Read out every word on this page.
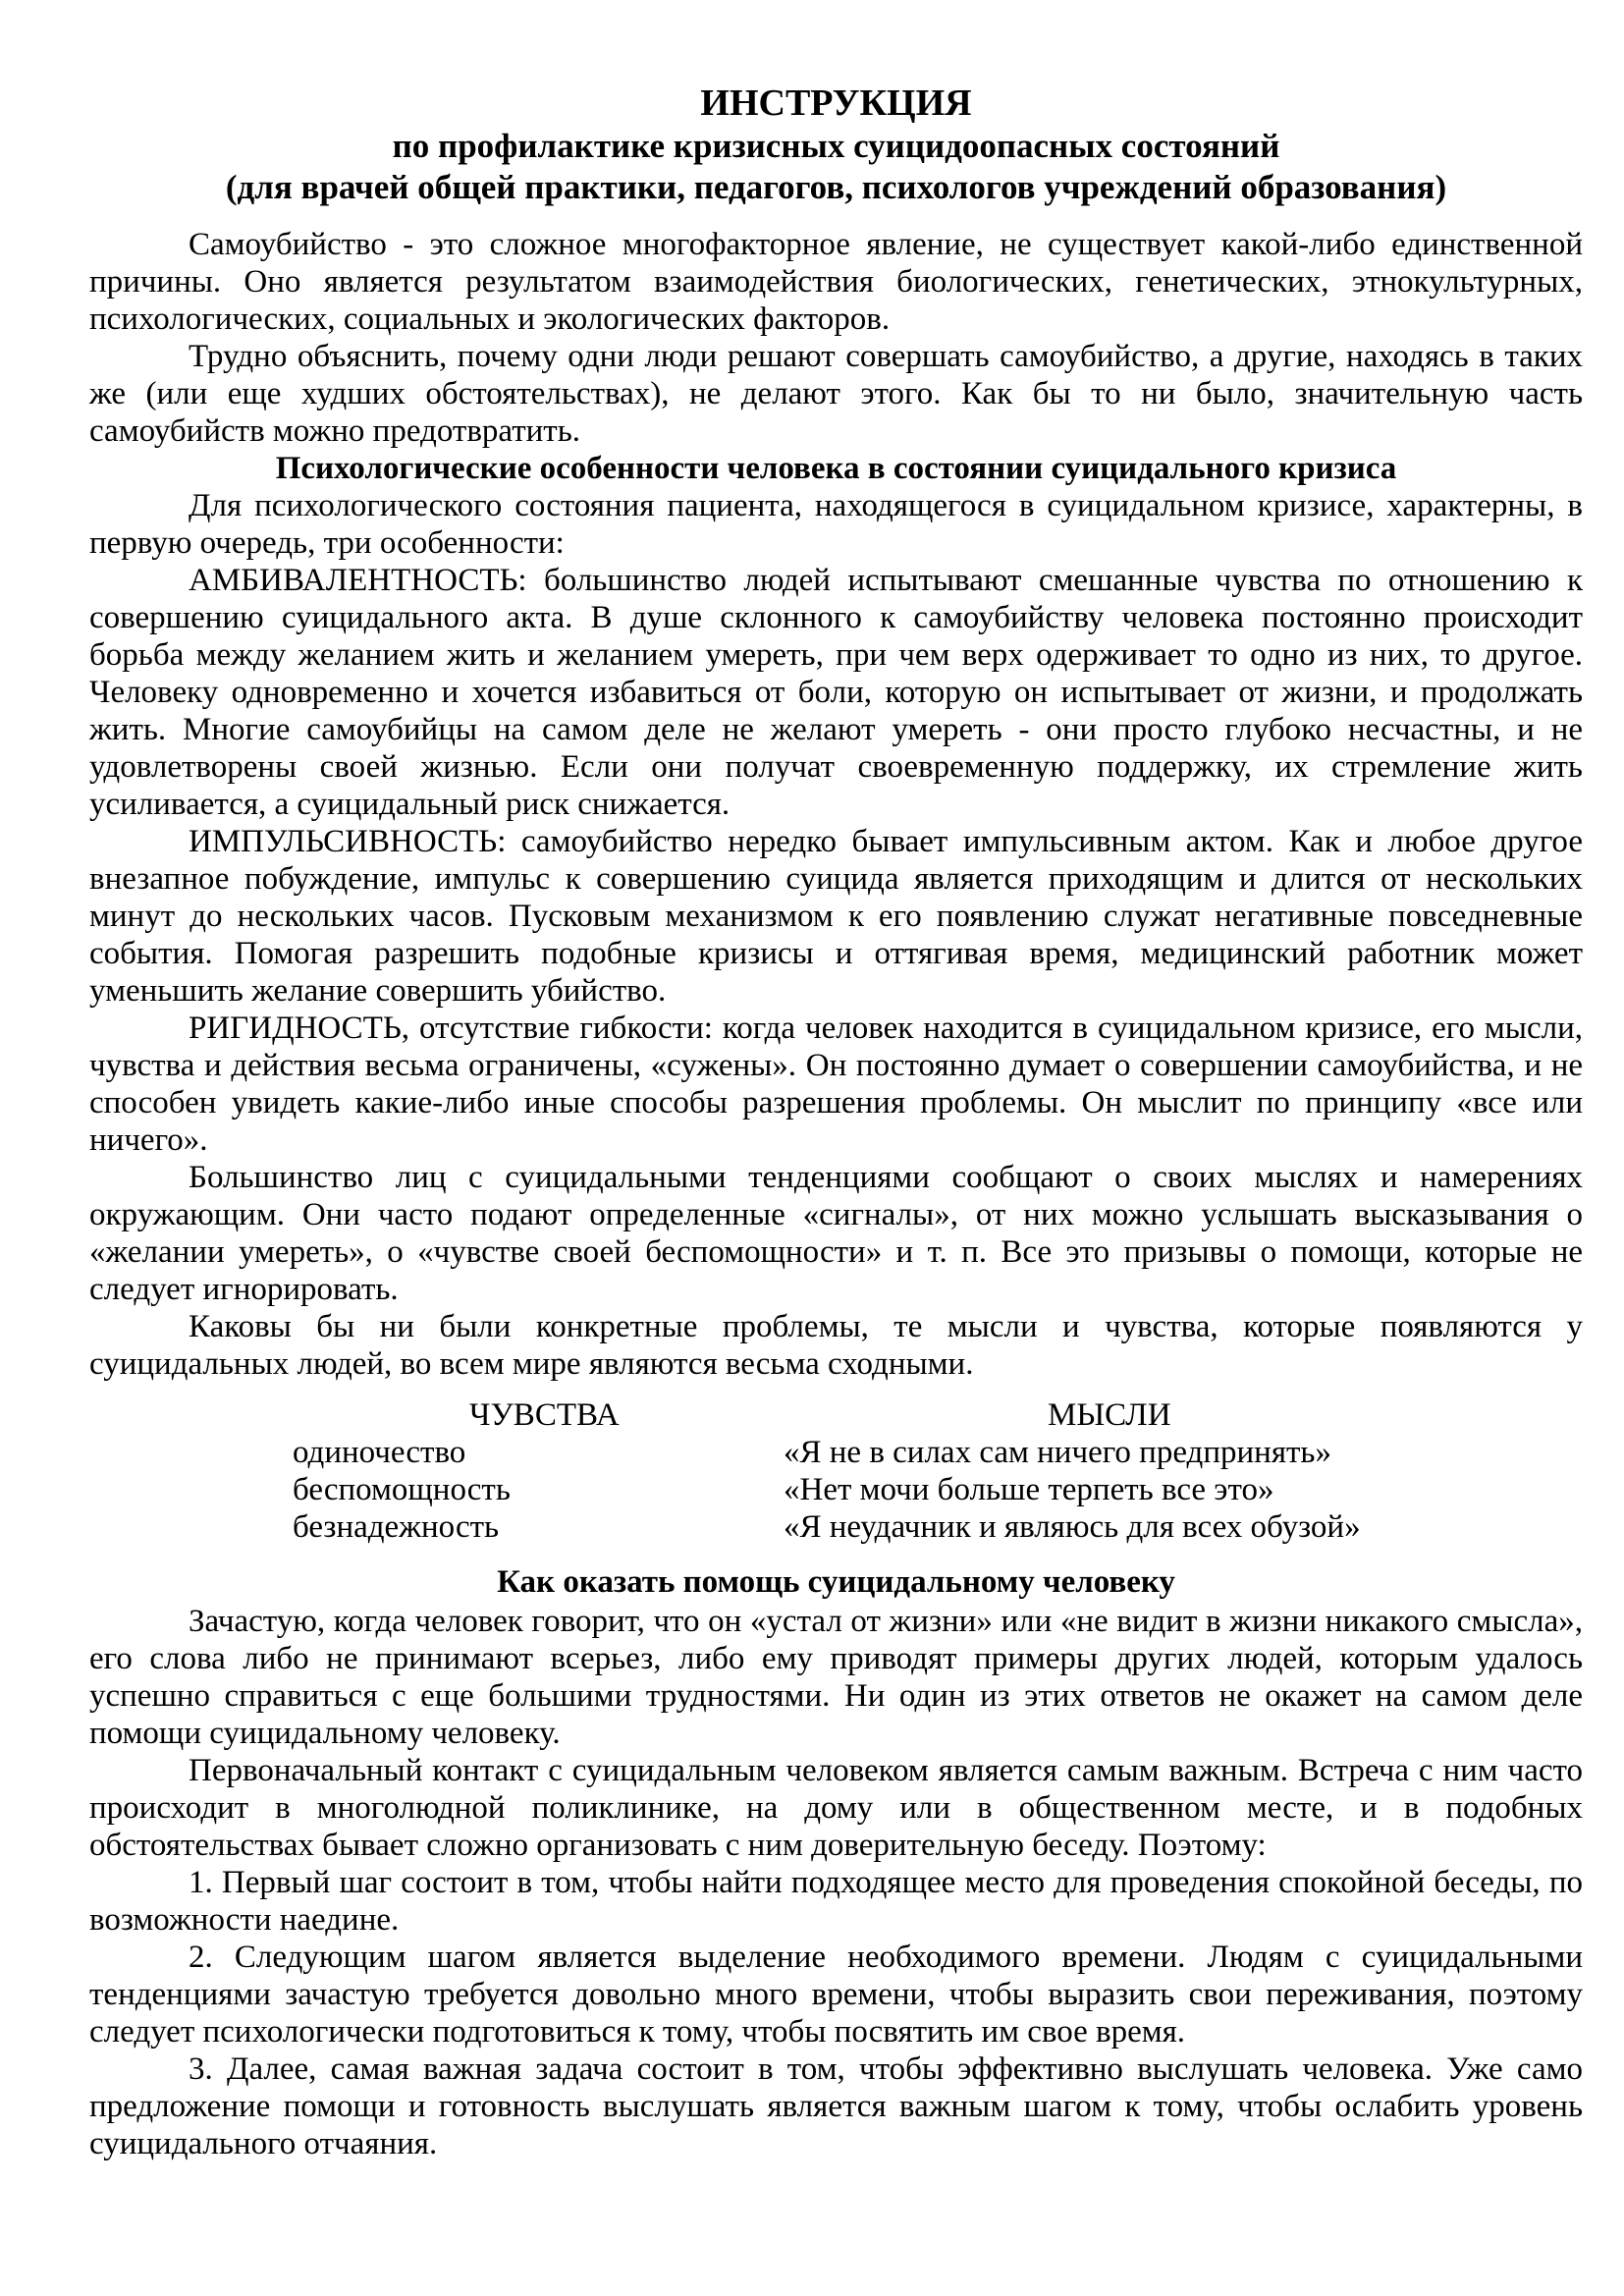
ИНСТРУКЦИЯ
по профилактике кризисных суицидоопасных состояний
(для врачей общей практики, педагогов, психологов учреждений образования)

Самоубийство - это сложное многофакторное явление, не существует какой-либо единственной причины. Оно является результатом взаимодействия биологических, генетических, этнокультурных, психологических, социальных и экологических факторов.

Трудно объяснить, почему одни люди решают совершать самоубийство, а другие, находясь в таких же (или еще худших обстоятельствах), не делают этого. Как бы то ни было, значительную часть самоубийств можно предотвратить.

Психологические особенности человека в состоянии суицидального кризиса

Для психологического состояния пациента, находящегося в суицидальном кризисе, характерны, в первую очередь, три особенности:

АМБИВАЛЕНТНОСТЬ: большинство людей испытывают смешанные чувства по отношению к совершению суицидального акта. В душе склонного к самоубийству человека постоянно происходит борьба между желанием жить и желанием умереть, при чем верх одерживает то одно из них, то другое. Человеку одновременно и хочется избавиться от боли, которую он испытывает от жизни, и продолжать жить. Многие самоубийцы на самом деле не желают умереть - они просто глубоко несчастны, и не удовлетворены своей жизнью. Если они получат своевременную поддержку, их стремление жить усиливается, а суицидальный риск снижается.

ИМПУЛЬСИВНОСТЬ: самоубийство нередко бывает импульсивным актом. Как и любое другое внезапное побуждение, импульс к совершению суицида является приходящим и длится от нескольких минут до нескольких часов. Пусковым механизмом к его появлению служат негативные повседневные события. Помогая разрешить подобные кризисы и оттягивая время, медицинский работник может уменьшить желание совершить убийство.

РИГИДНОСТЬ, отсутствие гибкости: когда человек находится в суицидальном кризисе, его мысли, чувства и действия весьма ограничены, «сужены». Он постоянно думает о совершении самоубийства, и не способен увидеть какие-либо иные способы разрешения проблемы. Он мыслит по принципу «все или ничего».

Большинство лиц с суицидальными тенденциями сообщают о своих мыслях и намерениях окружающим. Они часто подают определенные «сигналы», от них можно услышать высказывания о «желании умереть», о «чувстве своей беспомощности» и т. п. Все это призывы о помощи, которые не следует игнорировать.

Каковы бы ни были конкретные проблемы, те мысли и чувства, которые появляются у суицидальных людей, во всем мире являются весьма сходными.

ЧУВСТВА	МЫСЛИ
одиночество	«Я не в силах сам ничего предпринять»
беспомощность	«Нет мочи больше терпеть все это»
безнадежность	«Я неудачник и являюсь для всех обузой»
Как оказать помощь суицидальному человеку

Зачастую, когда человек говорит, что он «устал от жизни» или «не видит в жизни никакого смысла», его слова либо не принимают всерьез, либо ему приводят примеры других людей, которым удалось успешно справиться с еще большими трудностями. Ни один из этих ответов не окажет на самом деле помощи суицидальному человеку.

Первоначальный контакт с суицидальным человеком является самым важным. Встреча с ним часто происходит в многолюдной поликлинике, на дому или в общественном месте, и в подобных обстоятельствах бывает сложно организовать с ним доверительную беседу. Поэтому:

1. Первый шаг состоит в том, чтобы найти подходящее место для проведения спокойной беседы, по возможности наедине.

2. Следующим шагом является выделение необходимого времени. Людям с суицидальными тенденциями зачастую требуется довольно много времени, чтобы выразить свои переживания, поэтому следует психологически подготовиться к тому, чтобы посвятить им свое время.

3. Далее, самая важная задача состоит в том, чтобы эффективно выслушать человека. Уже само предложение помощи и готовность выслушать является важным шагом к тому, чтобы ослабить уровень суицидального отчаяния.
